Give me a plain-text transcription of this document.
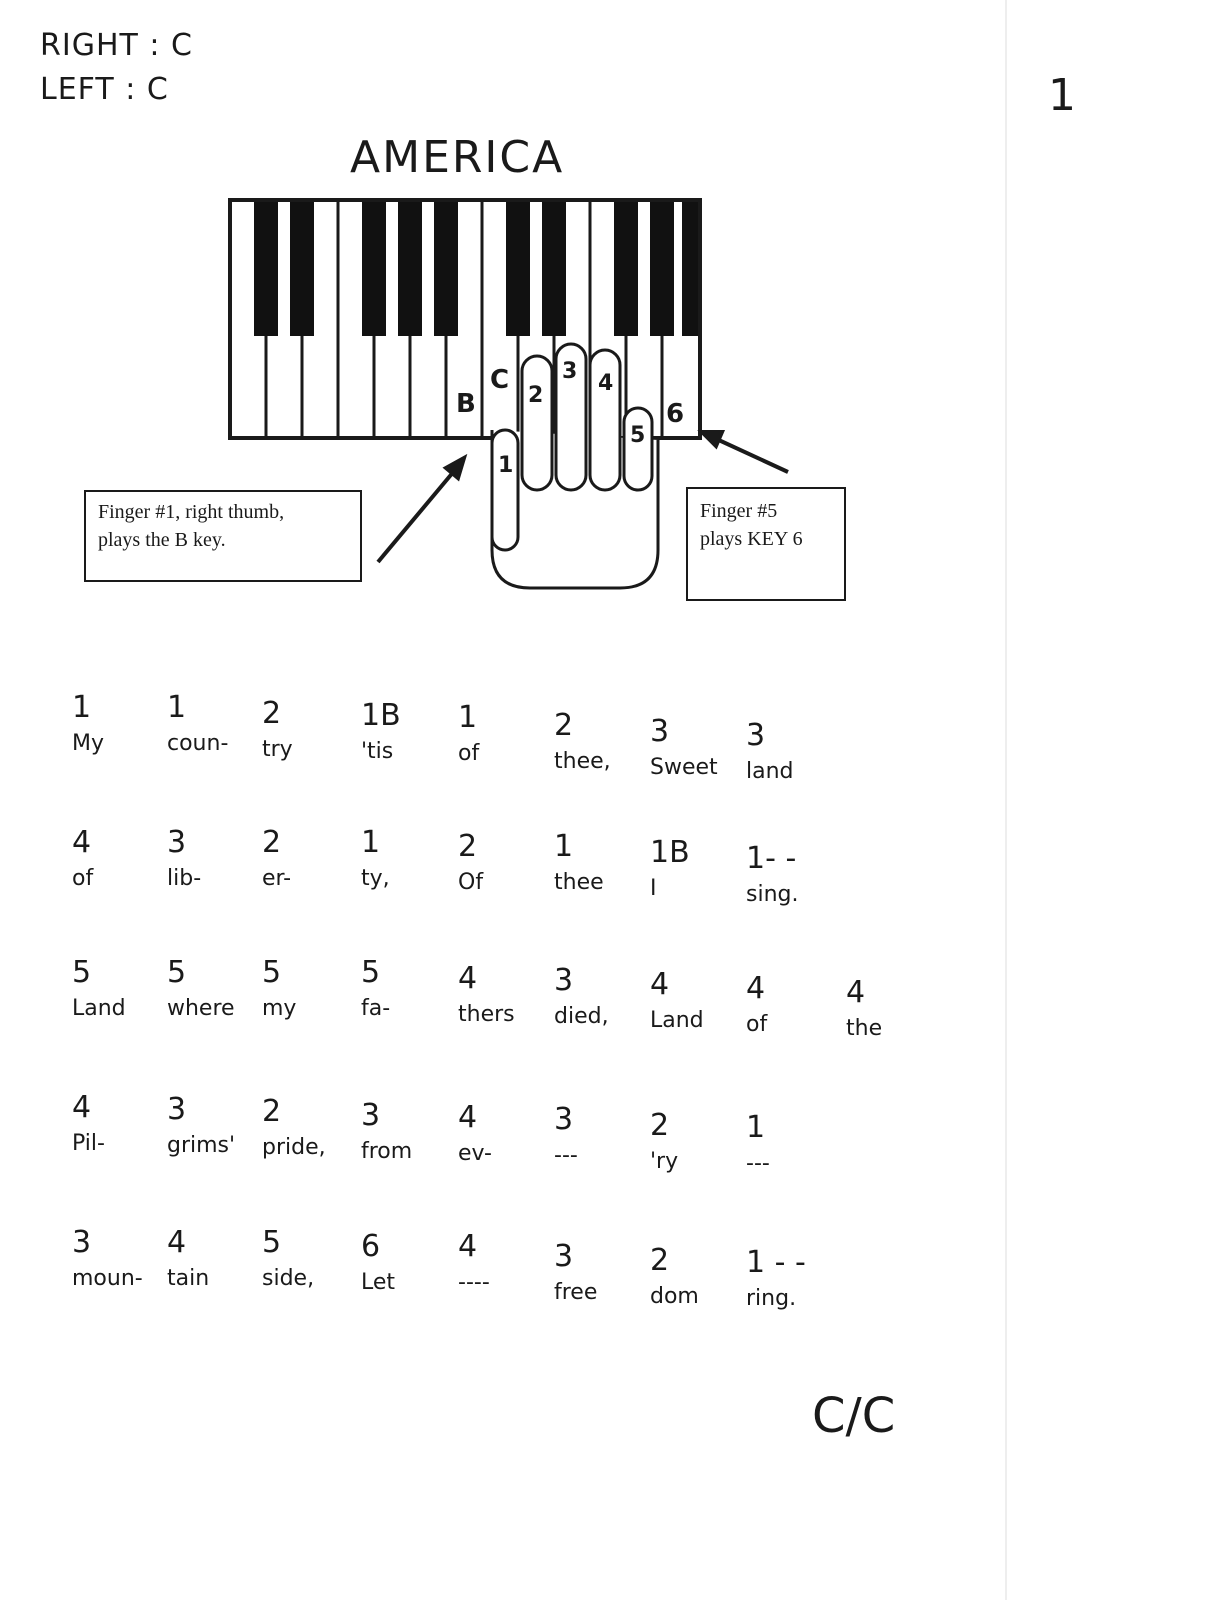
RIGHT : C
LEFT : C	1
AMERICA
B
C
2
3 4
5
6
1
Finger #1, right thumb,
plays the B key.
Finger #5
plays KEY 6
1
My
1
coun-
2
try
1B
'tis
1
of
2
thee,
3
Sweet
3
land
4
of
3
lib-
2
er-
1
ty,
2
Of
1
thee
1B
I
1- -
sing.
5
Land
5
where
5
my
5
fa-
4
thers
3
died,
4
Land
4
of
4
the
4
Pil-
3
grims'
2
pride,
3
from
4
ev-
3
---
2
'ry
1
---
3
moun-
4
tain
5
side,
6
Let
4
----
3
free
2
dom
1 - -
ring.
C/C
